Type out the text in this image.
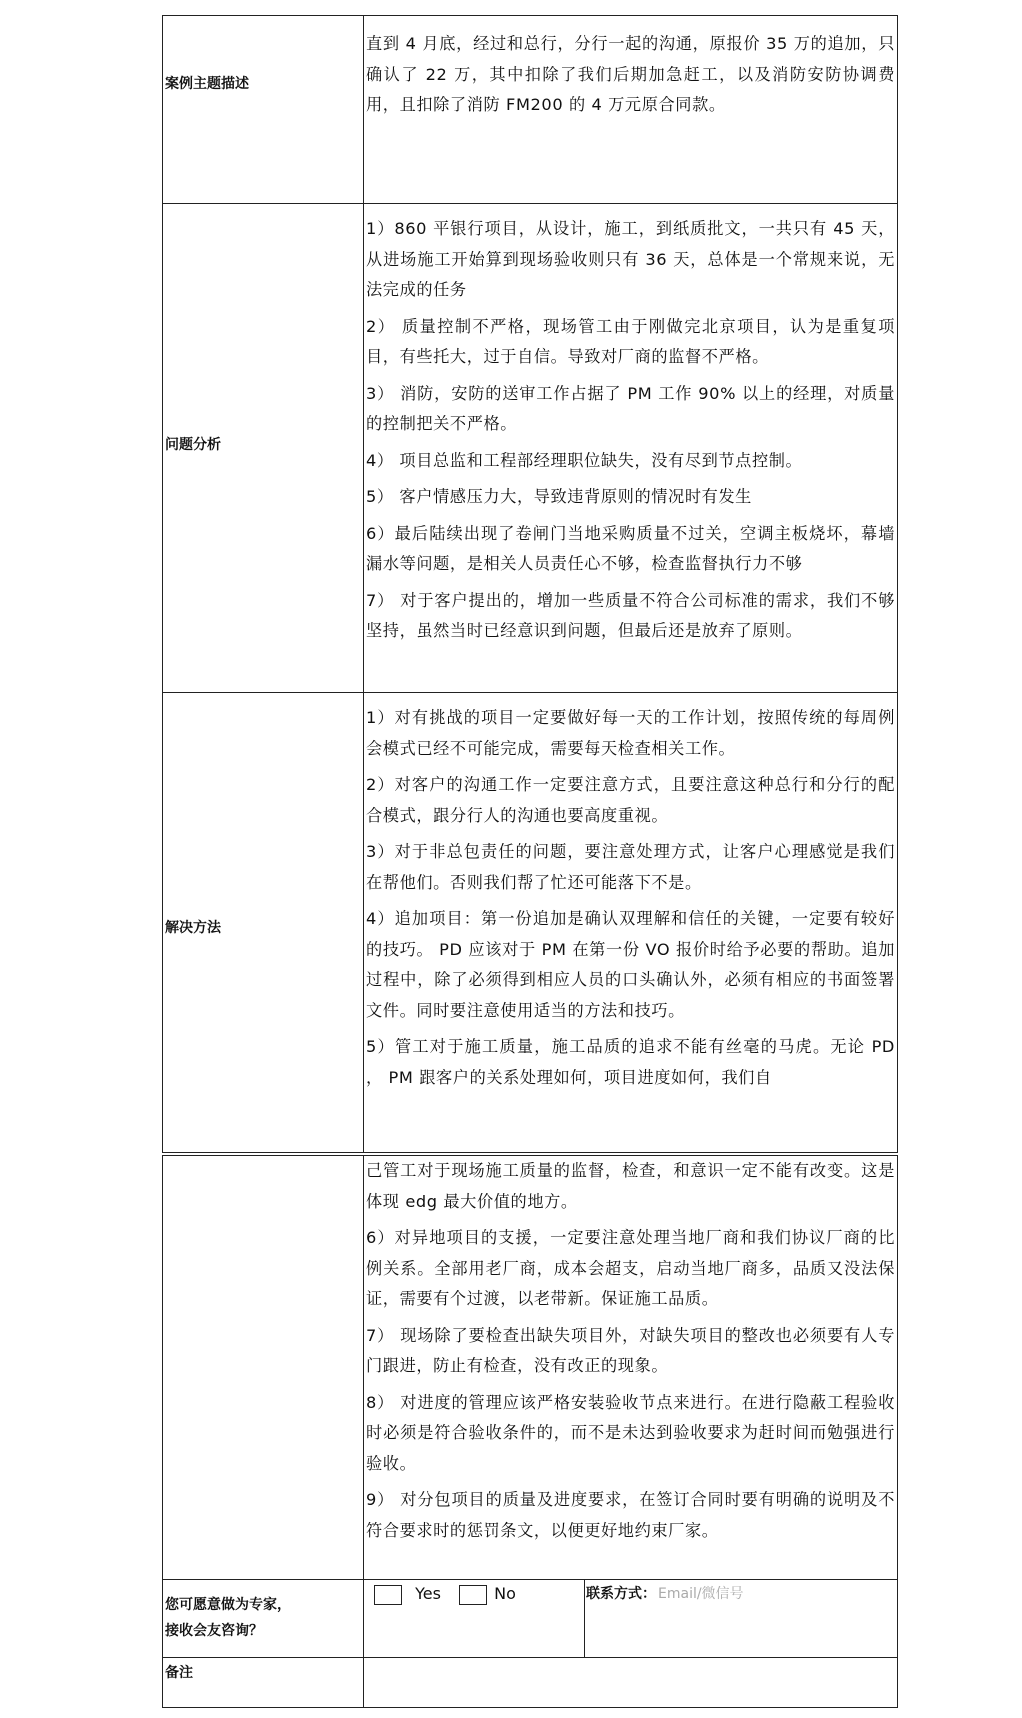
案例主题描述

直到 4 月底，经过和总行，分行一起的沟通，原报价 35 万的追加，只确认了 22 万，其中扣除了我们后期加急赶工，以及消防安防协调费用，且扣除了消防 FM200 的 4 万元原合同款。

问题分析

1）860 平银行项目，从设计，施工，到纸质批文，一共只有 45 天，从进场施工开始算到现场验收则只有 36 天，总体是一个常规来说，无法完成的任务

2） 质量控制不严格，现场管工由于刚做完北京项目，认为是重复项目，有些托大，过于自信。导致对厂商的监督不严格。

3） 消防，安防的送审工作占据了 PM 工作 90% 以上的经理，对质量的控制把关不严格。

4） 项目总监和工程部经理职位缺失，没有尽到节点控制。

5） 客户情感压力大，导致违背原则的情况时有发生

6）最后陆续出现了卷闸门当地采购质量不过关，空调主板烧坏，幕墙漏水等问题，是相关人员责任心不够，检查监督执行力不够

7） 对于客户提出的，增加一些质量不符合公司标准的需求，我们不够坚持，虽然当时已经意识到问题，但最后还是放弃了原则。

解决方法

1）对有挑战的项目一定要做好每一天的工作计划，按照传统的每周例会模式已经不可能完成，需要每天检查相关工作。

2）对客户的沟通工作一定要注意方式，且要注意这种总行和分行的配合模式，跟分行人的沟通也要高度重视。

3）对于非总包责任的问题，要注意处理方式，让客户心理感觉是我们在帮他们。否则我们帮了忙还可能落下不是。

4）追加项目：第一份追加是确认双理解和信任的关键，一定要有较好的技巧。 PD 应该对于 PM 在第一份 VO 报价时给予必要的帮助。追加过程中，除了必须得到相应人员的口头确认外，必须有相应的书面签署文件。同时要注意使用适当的方法和技巧。

5）管工对于施工质量，施工品质的追求不能有丝毫的马虎。无论 PD ， PM 跟客户的关系处理如何，项目进度如何，我们自

己管工对于现场施工质量的监督，检查，和意识一定不能有改变。这是体现 edg 最大价值的地方。

6）对异地项目的支援，一定要注意处理当地厂商和我们协议厂商的比例关系。全部用老厂商，成本会超支，启动当地厂商多，品质又没法保证，需要有个过渡，以老带新。保证施工品质。

7） 现场除了要检查出缺失项目外，对缺失项目的整改也必须要有人专门跟进，防止有检查，没有改正的现象。

8） 对进度的管理应该严格安装验收节点来进行。在进行隐蔽工程验收时必须是符合验收条件的，而不是未达到验收要求为赶时间而勉强进行验收。

9） 对分包项目的质量及进度要求，在签订合同时要有明确的说明及不符合要求时的惩罚条文，以便更好地约束厂家。

您可愿意做为专家，
接收会友咨询？
Yes	No	联系方式： Email/微信号
备注
